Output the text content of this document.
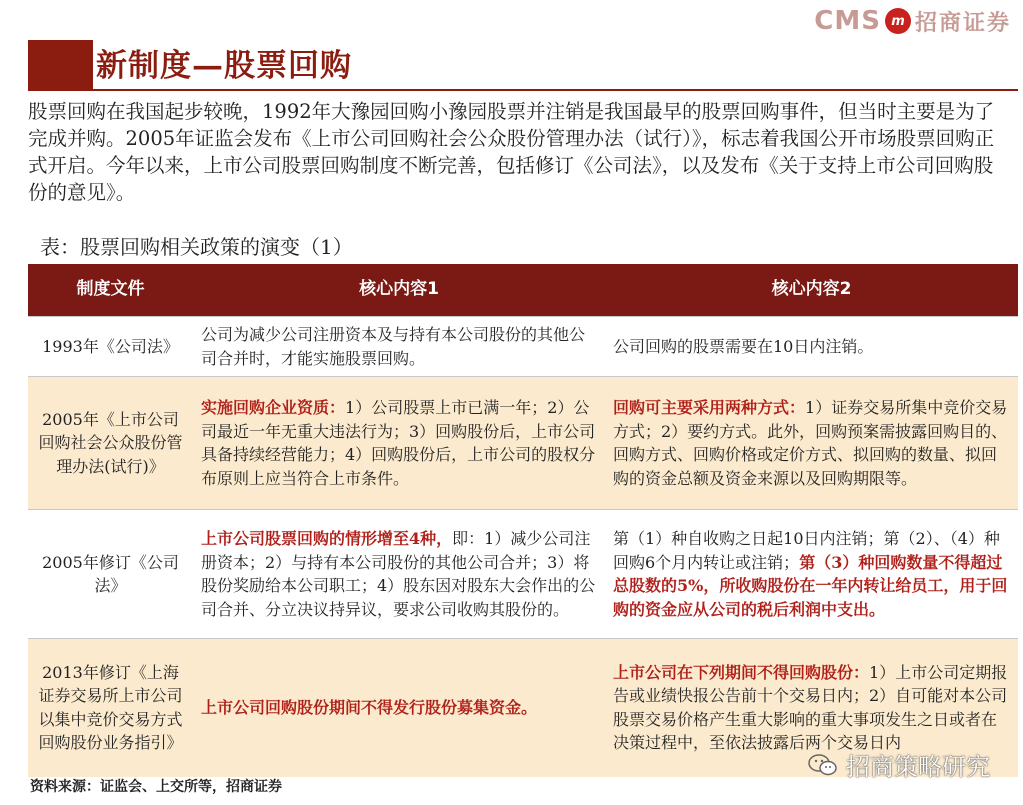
CMS m 招商证券
新制度—股票回购
股票回购在我国起步较晚，1992年大豫园回购小豫园股票并注销是我国最早的股票回购事件，但当时主要是为了完成并购。2005年证监会发布《上市公司回购社会公众股份管理办法（试行）》，标志着我国公开市场股票回购正式开启。今年以来，上市公司股票回购制度不断完善，包括修订《公司法》，以及发布《关于支持上市公司回购股份的意见》。
表：股票回购相关政策的演变（1）
制度文件	核心内容1	核心内容2
1993年《公司法》	公司为减少公司注册资本及与持有本公司股份的其他公司合并时，才能实施股票回购。	公司回购的股票需要在10日内注销。
2005年《上市公司回购社会公众股份管理办法(试行)》	实施回购企业资质：1）公司股票上市已满一年；2）公司最近一年无重大违法行为；3）回购股份后，上市公司具备持续经营能力；4）回购股份后，上市公司的股权分布原则上应当符合上市条件。	回购可主要采用两种方式：1）证券交易所集中竞价交易方式；2）要约方式。此外，回购预案需披露回购目的、回购方式、回购价格或定价方式、拟回购的数量、拟回购的资金总额及资金来源以及回购期限等。
2005年修订《公司法》	上市公司股票回购的情形增至4种，即：1）减少公司注册资本；2）与持有本公司股份的其他公司合并；3）将股份奖励给本公司职工；4）股东因对股东大会作出的公司合并、分立决议持异议，要求公司收购其股份的。	第（1）种自收购之日起10日内注销；第（2）、（4）种回购6个月内转让或注销；第（3）种回购数量不得超过总股数的5%，所收购股份在一年内转让给员工，用于回购的资金应从公司的税后利润中支出。
2013年修订《上海证券交易所上市公司以集中竞价交易方式回购股份业务指引》	上市公司回购股份期间不得发行股份募集资金。	上市公司在下列期间不得回购股份：1）上市公司定期报告或业绩快报公告前十个交易日内；2）自可能对本公司股票交易价格产生重大影响的重大事项发生之日或者在决策过程中，至依法披露后两个交易日内
资料来源：证监会、上交所等，招商证券
招商策略研究
